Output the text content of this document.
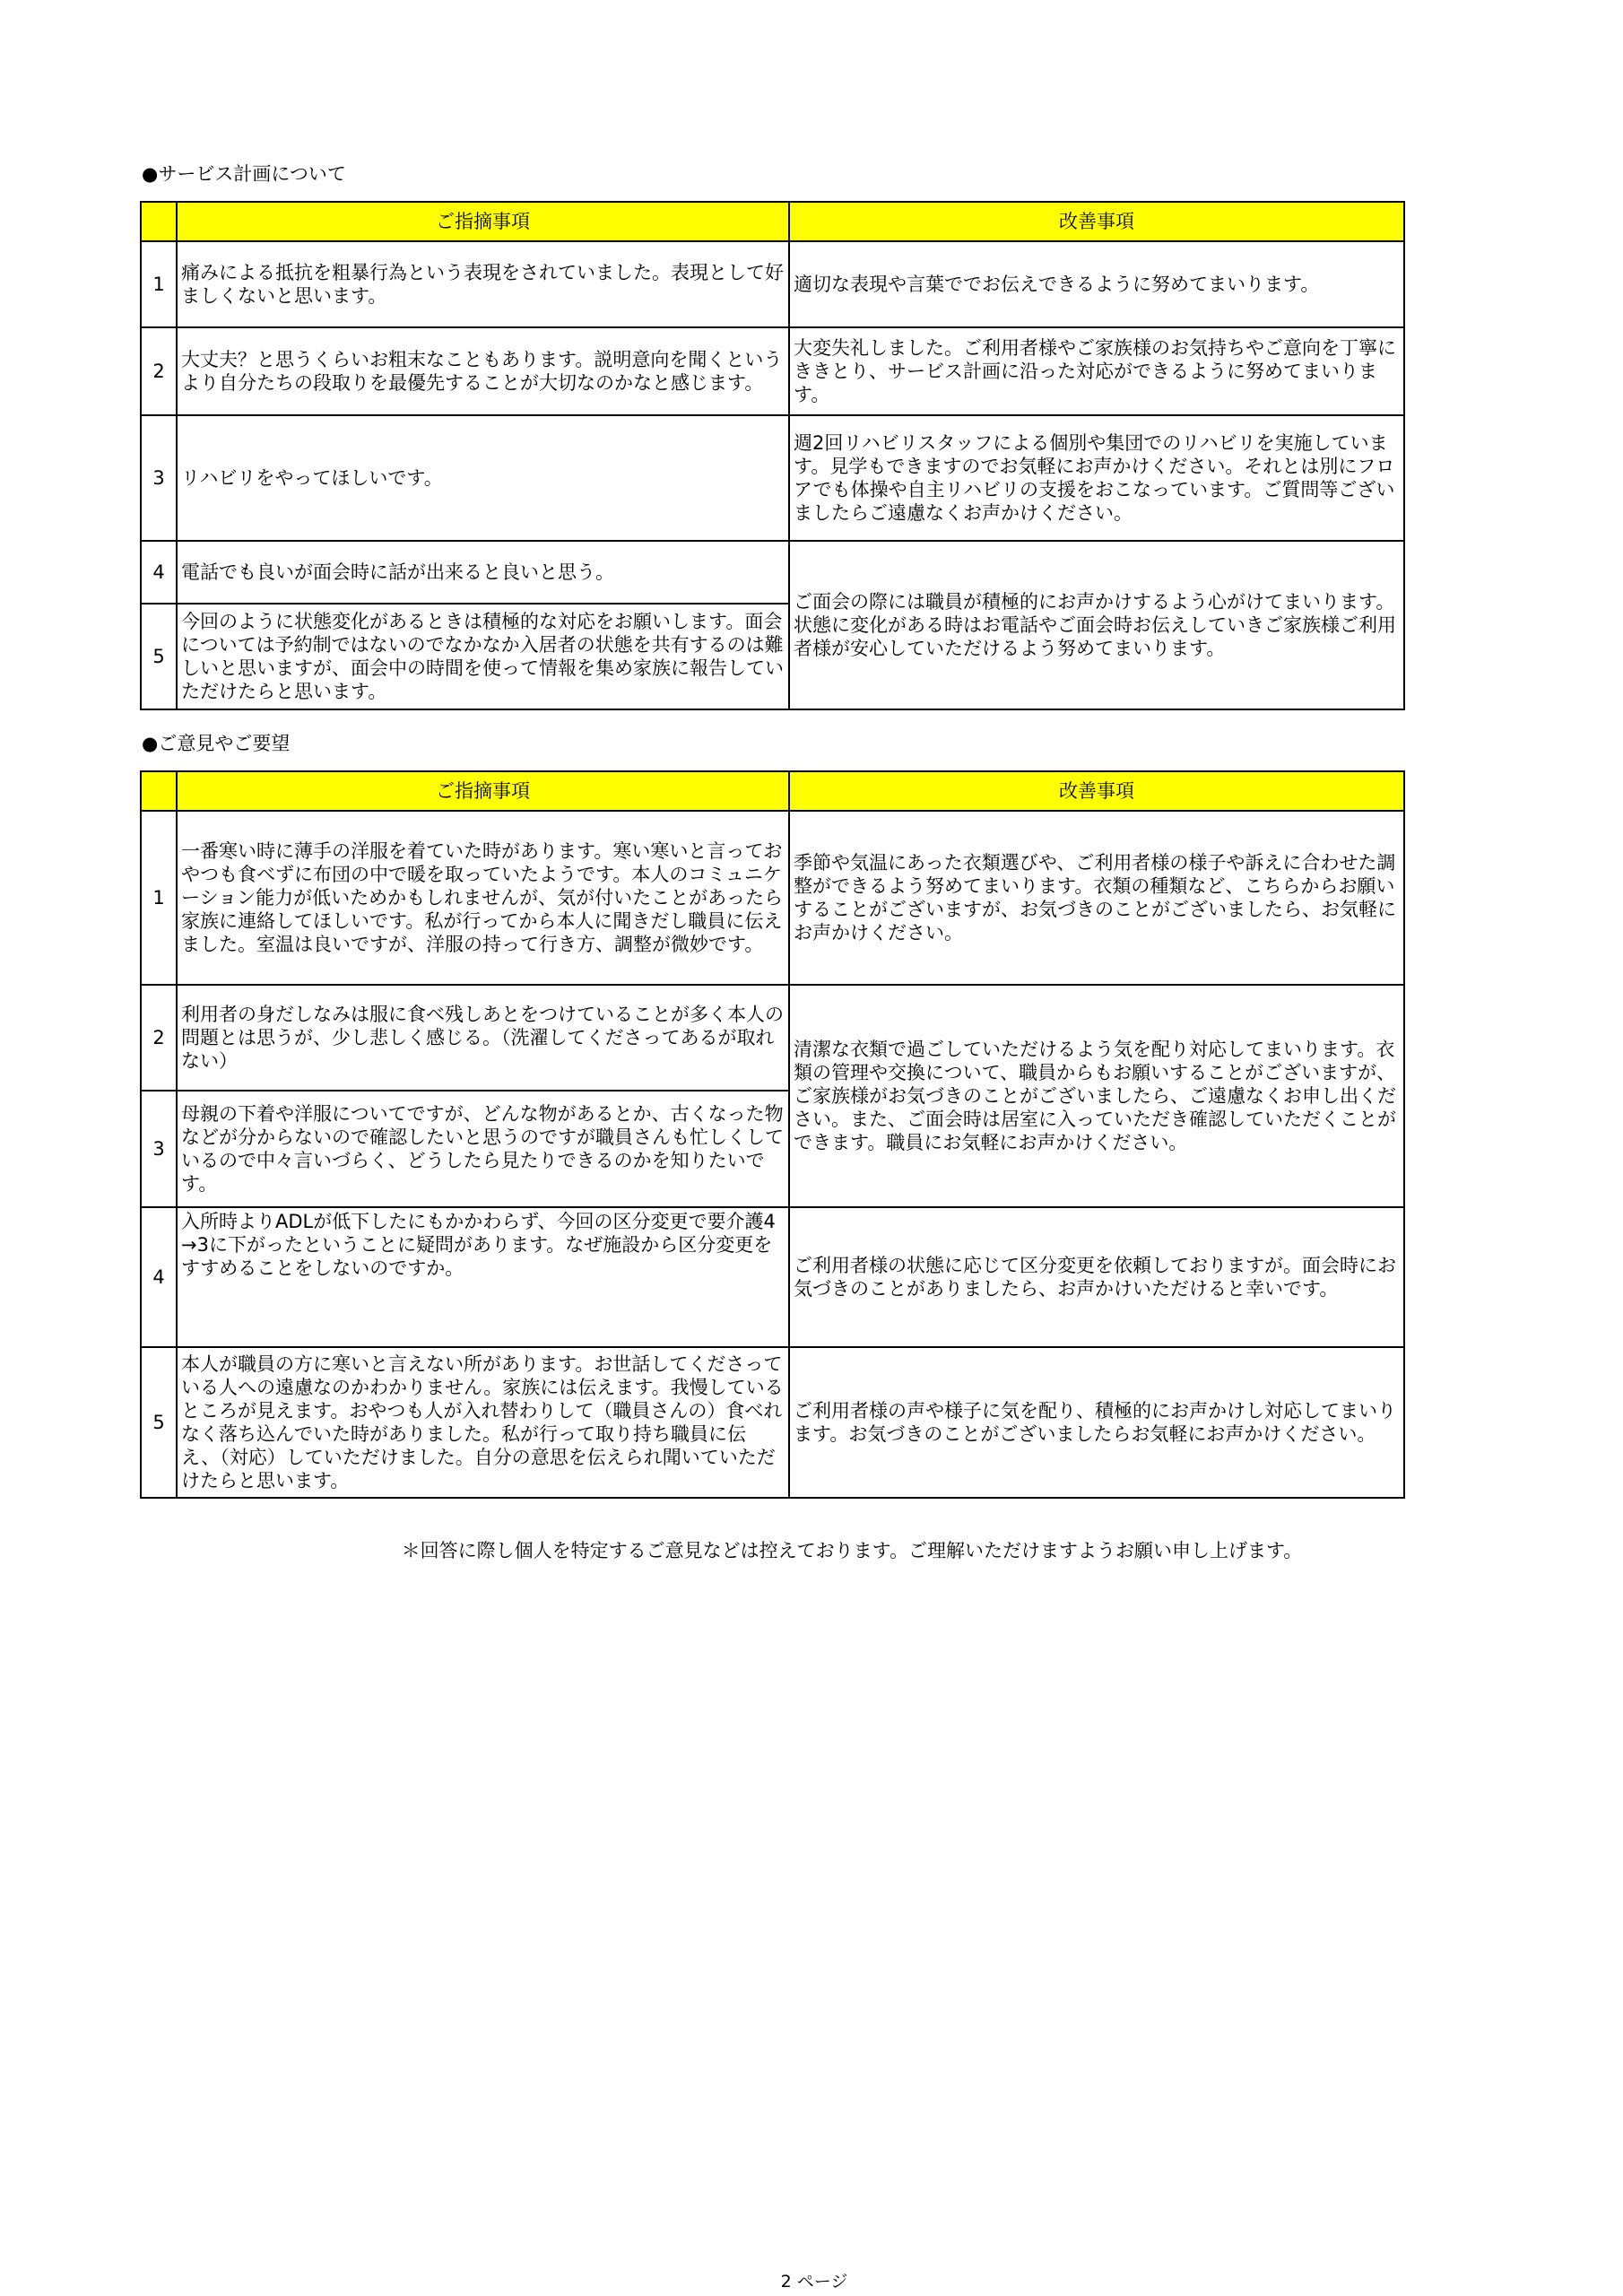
●サービス計画について
	ご指摘事項	改善事項
1	痛みによる抵抗を粗暴行為という表現をされていました。表現として好ましくないと思います。	適切な表現や言葉ででお伝えできるように努めてまいります。
2	大丈夫？と思うくらいお粗末なこともあります。説明意向を聞くというより自分たちの段取りを最優先することが大切なのかなと感じます。	大変失礼しました。ご利用者様やご家族様のお気持ちやご意向を丁寧にききとり、サービス計画に沿った対応ができるように努めてまいります。
3	リハビリをやってほしいです。	週2回リハビリスタッフによる個別や集団でのリハビリを実施しています。見学もできますのでお気軽にお声かけください。それとは別にフロアでも体操や自主リハビリの支援をおこなっています。ご質問等ございましたらご遠慮なくお声かけください。
4	電話でも良いが面会時に話が出来ると良いと思う。	ご面会の際には職員が積極的にお声かけするよう心がけてまいります。状態に変化がある時はお電話やご面会時お伝えしていきご家族様ご利用者様が安心していただけるよう努めてまいります。
5	今回のように状態変化があるときは積極的な対応をお願いします。面会については予約制ではないのでなかなか入居者の状態を共有するのは難しいと思いますが、面会中の時間を使って情報を集め家族に報告していただけたらと思います。	
●ご意見やご要望
	ご指摘事項	改善事項
1	一番寒い時に薄手の洋服を着ていた時があります。寒い寒いと言っておやつも食べずに布団の中で暖を取っていたようです。本人のコミュニケーション能力が低いためかもしれませんが、気が付いたことがあったら家族に連絡してほしいです。私が行ってから本人に聞きだし職員に伝えました。室温は良いですが、洋服の持って行き方、調整が微妙です。	季節や気温にあった衣類選びや、ご利用者様の様子や訴えに合わせた調整ができるよう努めてまいります。衣類の種類など、こちらからお願いすることがございますが、お気づきのことがございましたら、お気軽にお声かけください。
2	利用者の身だしなみは服に食べ残しあとをつけていることが多く本人の問題とは思うが、少し悲しく感じる。（洗濯してくださってあるが取れない）	清潔な衣類で過ごしていただけるよう気を配り対応してまいります。衣類の管理や交換について、職員からもお願いすることがございますが、ご家族様がお気づきのことがございましたら、ご遠慮なくお申し出ください。また、ご面会時は居室に入っていただき確認していただくことができます。職員にお気軽にお声かけください。
3	母親の下着や洋服についてですが、どんな物があるとか、古くなった物などが分からないので確認したいと思うのですが職員さんも忙しくしているので中々言いづらく、どうしたら見たりできるのかを知りたいです。	
4	入所時よりADLが低下したにもかかわらず、今回の区分変更で要介護4→3に下がったということに疑問があります。なぜ施設から区分変更をすすめることをしないのですか。	ご利用者様の状態に応じて区分変更を依頼しておりますが。面会時にお気づきのことがありましたら、お声かけいただけると幸いです。
5	本人が職員の方に寒いと言えない所があります。お世話してくださっている人への遠慮なのかわかりません。家族には伝えます。我慢しているところが見えます。おやつも人が入れ替わりして（職員さんの）食べれなく落ち込んでいた時がありました。私が行って取り持ち職員に伝え、（対応）していただけました。自分の意思を伝えられ聞いていただけたらと思います。	ご利用者様の声や様子に気を配り、積極的にお声かけし対応してまいります。お気づきのことがございましたらお気軽にお声かけください。
＊回答に際し個人を特定するご意見などは控えております。ご理解いただけますようお願い申し上げます。
2 ページ
